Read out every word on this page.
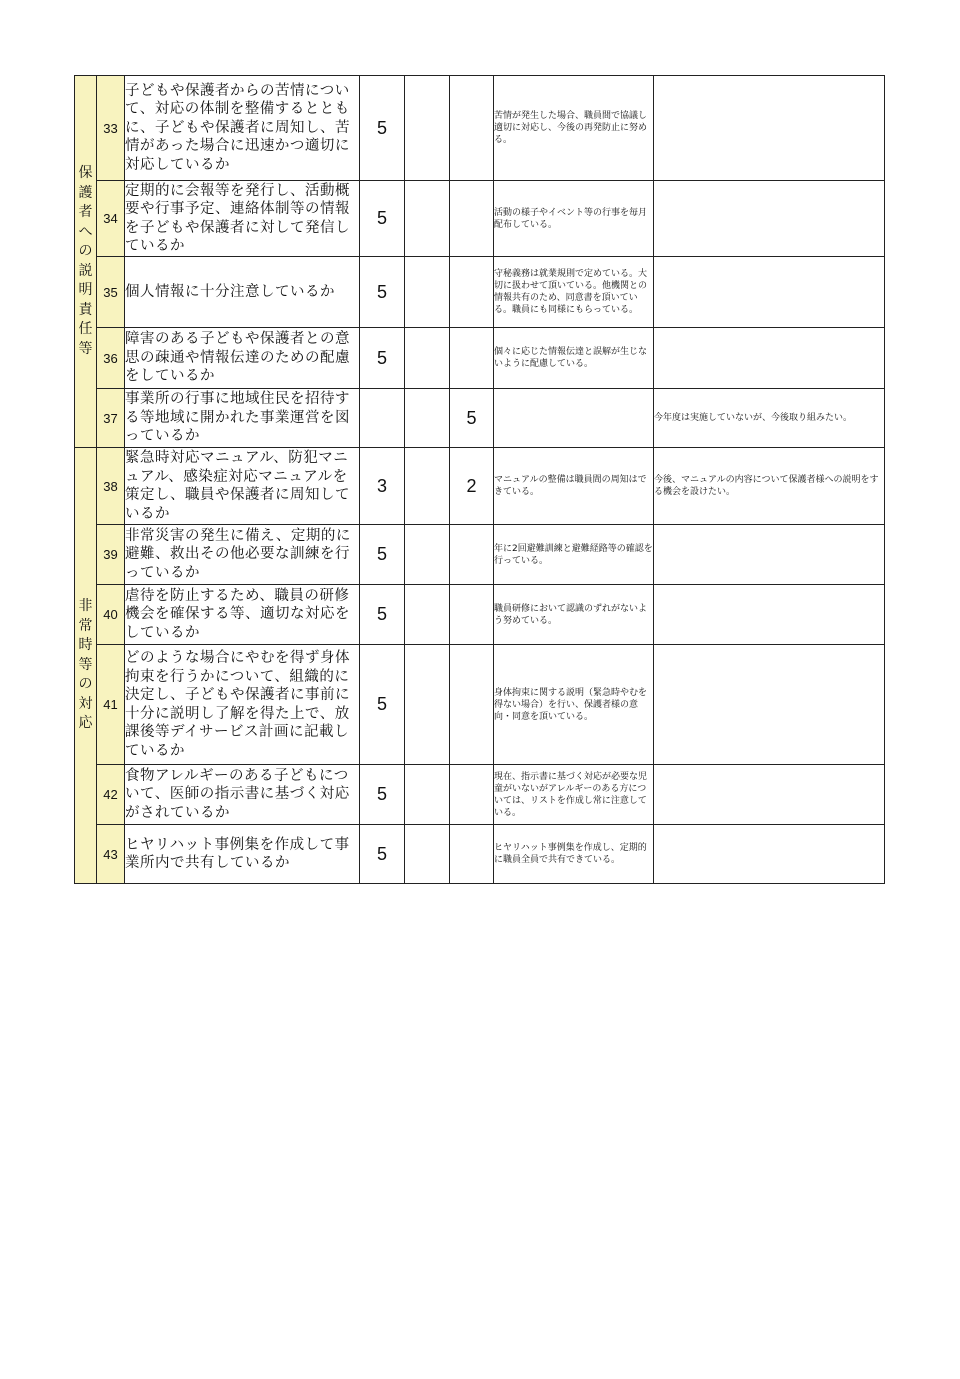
保護者への説明責任等	33	子どもや保護者からの苦情について、対応の体制を整備するとともに、子どもや保護者に周知し、苦情があった場合に迅速かつ適切に対応しているか	5			苦情が発生した場合、職員間で協議し適切に対応し、今後の再発防止に努める。	
	34	定期的に会報等を発行し、活動概要や行事予定、連絡体制等の情報を子どもや保護者に対して発信しているか	5			活動の様子やイベント等の行事を毎月配布している。	
	35	個人情報に十分注意しているか	5			守秘義務は就業規則で定めている。大切に扱わせて頂いている。他機関との情報共有のため、同意書を頂いている。職員にも同様にもらっている。	
	36	障害のある子どもや保護者との意思の疎通や情報伝達のための配慮をしているか	5			個々に応じた情報伝達と誤解が生じないように配慮している。	
	37	事業所の行事に地域住民を招待する等地域に開かれた事業運営を図っているか			5		今年度は実施していないが、今後取り組みたい。

非常時等の対応	38	緊急時対応マニュアル、防犯マニュアル、感染症対応マニュアルを策定し、職員や保護者に周知しているか	3		2	マニュアルの整備は職員間の周知はできている。	今後、マニュアルの内容について保護者様への説明をする機会を設けたい。
	39	非常災害の発生に備え、定期的に避難、救出その他必要な訓練を行っているか	5			年に2回避難訓練と避難経路等の確認を行っている。	
	40	虐待を防止するため、職員の研修機会を確保する等、適切な対応をしているか	5			職員研修において認識のずれがないよう努めている。	
	41	どのような場合にやむを得ず身体拘束を行うかについて、組織的に決定し、子どもや保護者に事前に十分に説明し了解を得た上で、放課後等デイサービス計画に記載しているか	5			身体拘束に関する説明（緊急時やむを得ない場合）を行い、保護者様の意向・同意を頂いている。	
	42	食物アレルギーのある子どもについて、医師の指示書に基づく対応がされているか	5			現在、指示書に基づく対応が必要な児童がいないがアレルギーのある方については、リストを作成し常に注意している。	
	43	ヒヤリハット事例集を作成して事業所内で共有しているか	5			ヒヤリハット事例集を作成し、定期的に職員全員で共有できている。	
